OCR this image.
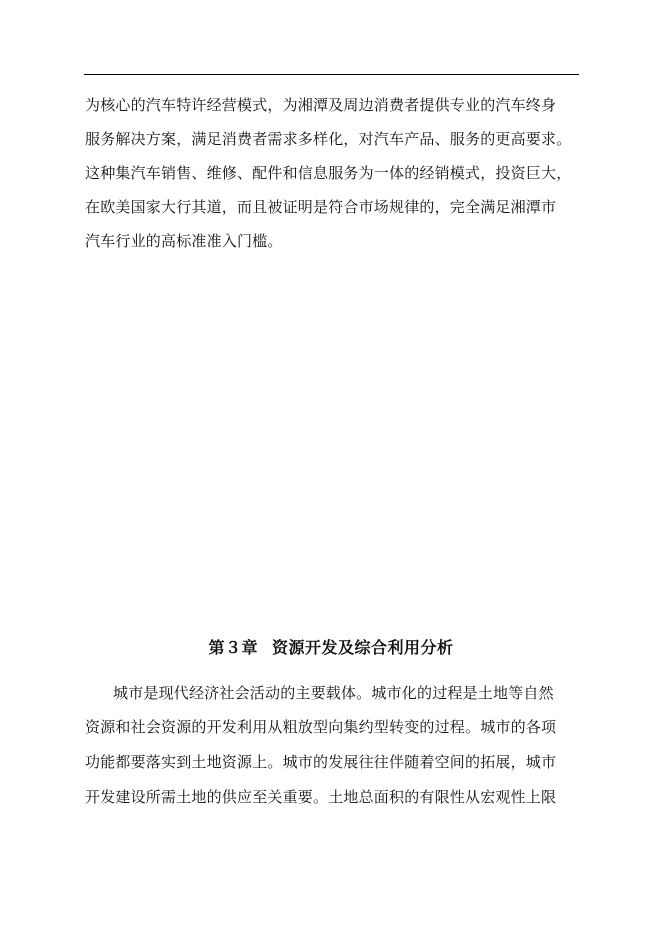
为核心的汽车特许经营模式，为湘潭及周边消费者提供专业的汽车终身
服务解决方案，满足消费者需求多样化，对汽车产品、服务的更高要求。
这种集汽车销售、维修、配件和信息服务为一体的经销模式，投资巨大，
在欧美国家大行其道，而且被证明是符合市场规律的，完全满足湘潭市
汽车行业的高标准准入门槛。
第３章 资源开发及综合利用分析
城市是现代经济社会活动的主要载体。城市化的过程是土地等自然
资源和社会资源的开发利用从粗放型向集约型转变的过程。城市的各项
功能都要落实到土地资源上。城市的发展往往伴随着空间的拓展，城市
开发建设所需土地的供应至关重要。土地总面积的有限性从宏观性上限
